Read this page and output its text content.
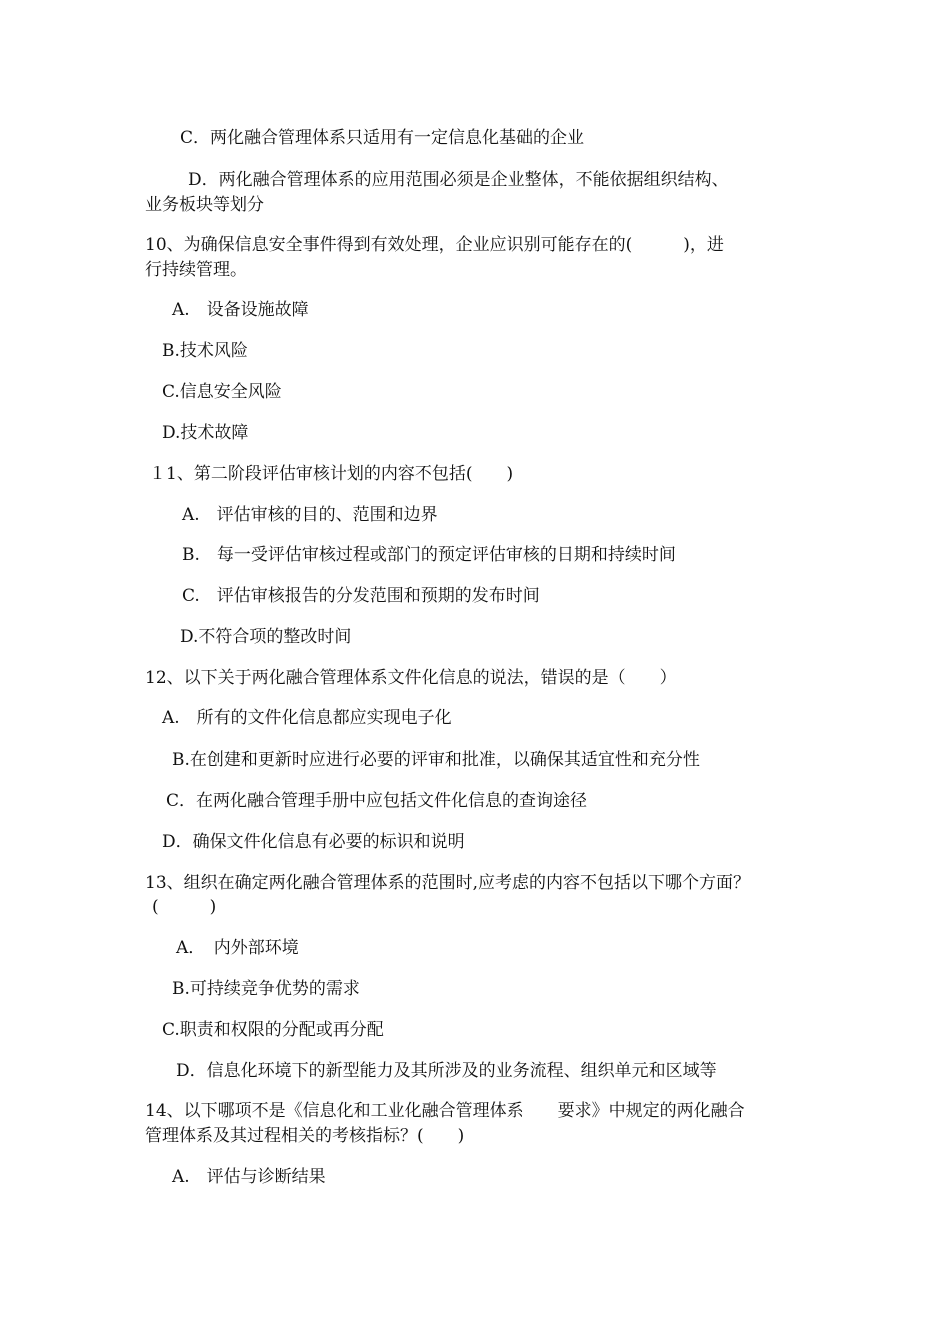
C．两化融合管理体系只适用有一定信息化基础的企业

D．两化融合管理体系的应用范围必须是企业整体，不能依据组织结构、

业务板块等划分

10、为确保信息安全事件得到有效处理，企业应识别可能存在的(　　　)，进

行持续管理。

A.　设备设施故障

B.技术风险

C.信息安全风险

D.技术故障

１1、第二阶段评估审核计划的内容不包括(　　)

A.　评估审核的目的、范围和边界

B.　每一受评估审核过程或部门的预定评估审核的日期和持续时间

C.　评估审核报告的分发范围和预期的发布时间

D.不符合项的整改时间

12、以下关于两化融合管理体系文件化信息的说法，错误的是（　　）

A.　所有的文件化信息都应实现电子化

B.在创建和更新时应进行必要的评审和批准，以确保其适宜性和充分性

C．在两化融合管理手册中应包括文件化信息的查询途径

D．确保文件化信息有必要的标识和说明

13、组织在确定两化融合管理体系的范围时,应考虑的内容不包括以下哪个方面？

(　　　)

A．　内外部环境

B.可持续竞争优势的需求

C.职责和权限的分配或再分配

D．信息化环境下的新型能力及其所涉及的业务流程、组织单元和区域等

14、以下哪项不是《信息化和工业化融合管理体系　　要求》中规定的两化融合

管理体系及其过程相关的考核指标？(　　)

A.　评估与诊断结果
